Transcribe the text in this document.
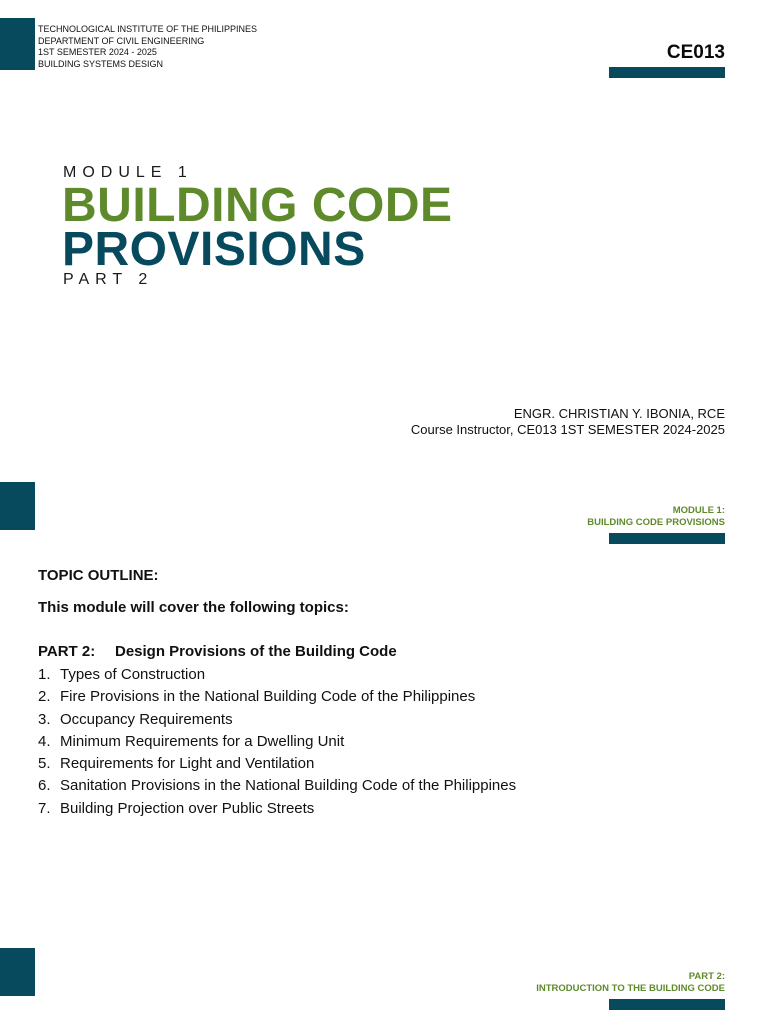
TECHNOLOGICAL INSTITUTE OF THE PHILIPPINES
DEPARTMENT OF CIVIL ENGINEERING
1ST SEMESTER 2024 - 2025
BUILDING SYSTEMS DESIGN
CE013
MODULE 1
BUILDING CODE
PROVISIONS
PART 2
ENGR. CHRISTIAN Y. IBONIA, RCE
Course Instructor, CE013 1ST SEMESTER 2024-2025
MODULE 1:
BUILDING CODE PROVISIONS
TOPIC OUTLINE:
This module will cover the following topics:
PART 2: Design Provisions of the Building Code
1. Types of Construction
2. Fire Provisions in the National Building Code of the Philippines
3. Occupancy Requirements
4. Minimum Requirements for a Dwelling Unit
5. Requirements for Light and Ventilation
6. Sanitation Provisions in the National Building Code of the Philippines
7. Building Projection over Public Streets
PART 2:
INTRODUCTION TO THE BUILDING CODE
